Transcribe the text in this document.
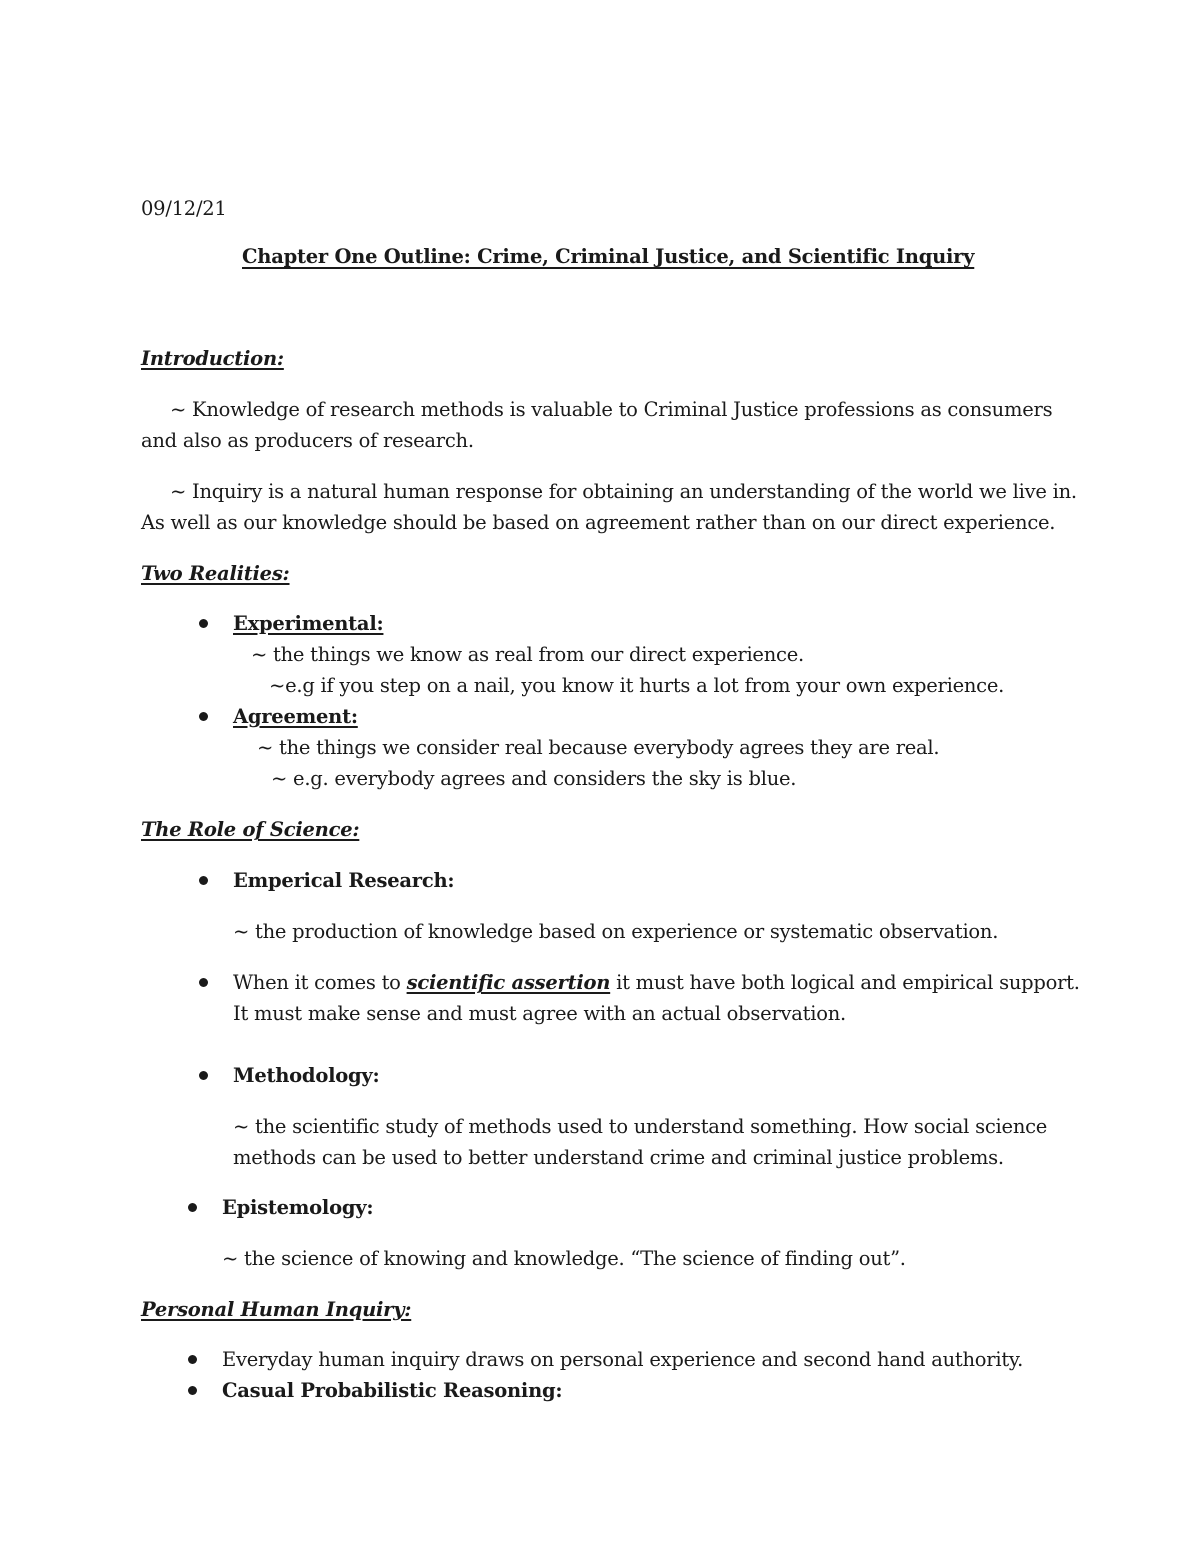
09/12/21
Chapter One Outline: Crime, Criminal Justice, and Scientific Inquiry
Introduction:
~ Knowledge of research methods is valuable to Criminal Justice professions as consumers
and also as producers of research.
~ Inquiry is a natural human response for obtaining an understanding of the world we live in.
As well as our knowledge should be based on agreement rather than on our direct experience.
Two Realities:
Experimental:
~ the things we know as real from our direct experience.
~e.g if you step on a nail, you know it hurts a lot from your own experience.
Agreement:
~ the things we consider real because everybody agrees they are real.
~ e.g. everybody agrees and considers the sky is blue.
The Role of Science:
Emperical Research:
~ the production of knowledge based on experience or systematic observation.
When it comes to scientific assertion it must have both logical and empirical support.
It must make sense and must agree with an actual observation.
Methodology:
~ the scientific study of methods used to understand something. How social science
methods can be used to better understand crime and criminal justice problems.
Epistemology:
~ the science of knowing and knowledge. “The science of finding out”.
Personal Human Inquiry:
Everyday human inquiry draws on personal experience and second hand authority.
Casual Probabilistic Reasoning:
